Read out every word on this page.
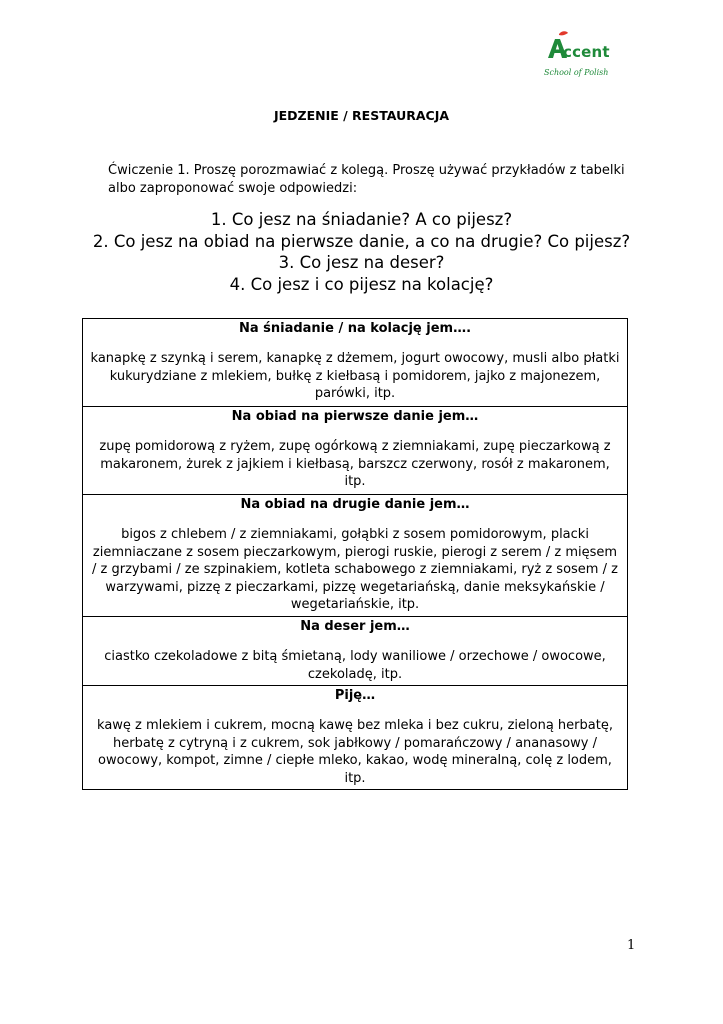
ccent
School of Polish
JEDZENIE / RESTAURACJA
Ćwiczenie 1. Proszę porozmawiać z kolegą. Proszę używać przykładów z tabelki albo zaproponować swoje odpowiedzi:
1. Co jesz na śniadanie? A co pijesz?
2. Co jesz na obiad na pierwsze danie, a co na drugie? Co pijesz?
3. Co jesz na deser?
4. Co jesz i co pijesz na kolację?
Na śniadanie / na kolację jem….
kanapkę z szynką i serem, kanapkę z dżemem, jogurt owocowy, musli albo płatki kukurydziane z mlekiem, bułkę z kiełbasą i pomidorem, jajko z majonezem, parówki, itp.
Na obiad na pierwsze danie jem…
zupę pomidorową z ryżem, zupę ogórkową z ziemniakami, zupę pieczarkową z makaronem, żurek z jajkiem i kiełbasą, barszcz czerwony, rosół z makaronem, itp.
Na obiad na drugie danie jem…
bigos z chlebem / z ziemniakami, gołąbki z sosem pomidorowym, placki ziemniaczane z sosem pieczarkowym, pierogi ruskie, pierogi z serem / z mięsem / z grzybami / ze szpinakiem, kotleta schabowego z ziemniakami, ryż z sosem / z warzywami, pizzę z pieczarkami, pizzę wegetariańską, danie meksykańskie / wegetariańskie, itp.
Na deser jem…
ciastko czekoladowe z bitą śmietaną, lody waniliowe / orzechowe / owocowe, czekoladę, itp.
Piję…
kawę z mlekiem i cukrem, mocną kawę bez mleka i bez cukru, zieloną herbatę, herbatę z cytryną i z cukrem, sok jabłkowy / pomarańczowy / ananasowy / owocowy, kompot, zimne / ciepłe mleko, kakao, wodę mineralną, colę z lodem, itp.
1
